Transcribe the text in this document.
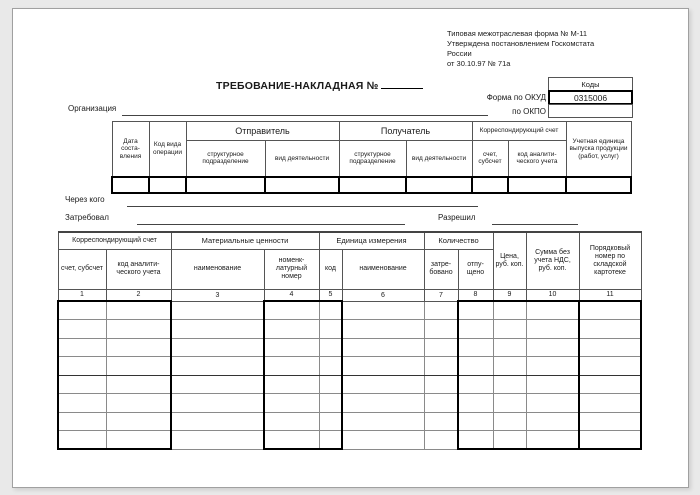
Типовая межотраслевая форма № М-11
Утверждена постановлением Госкомстата
России
от 30.10.97 № 71а
ТРЕБОВАНИЕ-НАКЛАДНАЯ №
Форма по ОКУД
по ОКПО
Коды
0315006
Организация
Дата соста-вления	Код вида операции	Отправитель		Получатель		Корреспондирующий счет		Учетная единица выпуска продукции (работ, услуг)
		структурное подразделение	вид деятельности	структурное подразделение	вид деятельности	счет, субсчет	код аналити-ческого учета	

Через кого
Затребовал	Разрешил
Корреспондирующий счет		Материальные ценности		Единица измерения		Количество		Цена, руб. коп.	Сумма без учета НДС, руб. коп.	Порядковый номер по складской картотеке
счет, субсчет	код аналити-ческого учета	наименование	номенк-латурный номер	код	наименование	затре-бовано	отпу-щено			
1	2	3	4	5	6	7	8	9	10	11
